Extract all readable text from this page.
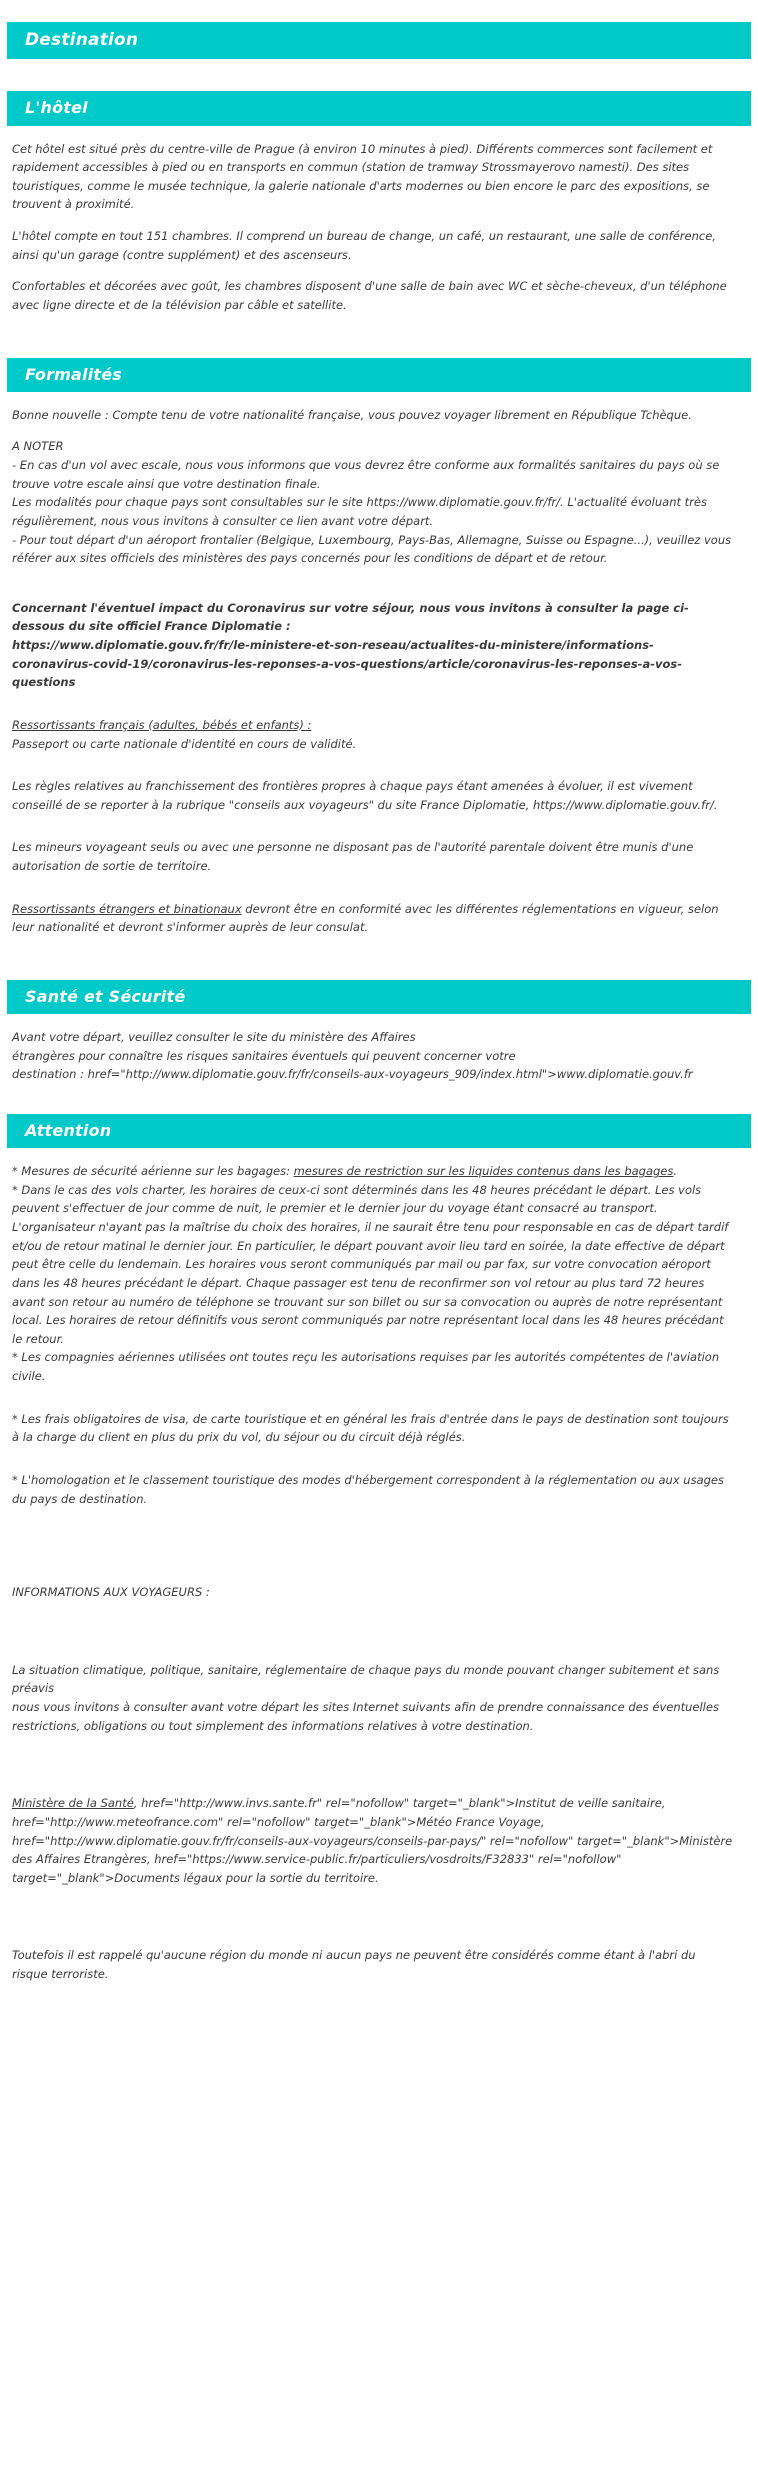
Destination
L'hôtel

Cet hôtel est situé près du centre-ville de Prague (à environ 10 minutes à pied). Différents commerces sont facilement et rapidement accessibles à pied ou en transports en commun (station de tramway Strossmayerovo namesti). Des sites touristiques, comme le musée technique, la galerie nationale d'arts modernes ou bien encore le parc des expositions, se trouvent à proximité.

L'hôtel compte en tout 151 chambres. Il comprend un bureau de change, un café, un restaurant, une salle de conférence, ainsi qu'un garage (contre supplément) et des ascenseurs.

Confortables et décorées avec goût, les chambres disposent d'une salle de bain avec WC et sèche-cheveux, d'un téléphone avec ligne directe et de la télévision par câble et satellite.

Formalités

Bonne nouvelle : Compte tenu de votre nationalité française, vous pouvez voyager librement en République Tchèque.

A NOTER

- En cas d'un vol avec escale, nous vous informons que vous devrez être conforme aux formalités sanitaires du pays où se trouve votre escale ainsi que votre destination finale.

Les modalités pour chaque pays sont consultables sur le site https://www.diplomatie.gouv.fr/fr/. L'actualité évoluant très régulièrement, nous vous invitons à consulter ce lien avant votre départ.

- Pour tout départ d'un aéroport frontalier (Belgique, Luxembourg, Pays-Bas, Allemagne, Suisse ou Espagne...), veuillez vous référer aux sites officiels des ministères des pays concernés pour les conditions de départ et de retour.

Concernant l'éventuel impact du Coronavirus sur votre séjour, nous vous invitons à consulter la page ci-dessous du site officiel France Diplomatie :

https://www.diplomatie.gouv.fr/fr/le-ministere-et-son-reseau/actualites-du-ministere/informations-coronavirus-covid-19/coronavirus-les-reponses-a-vos-questions/article/coronavirus-les-reponses-a-vos-questions

Ressortissants français (adultes, bébés et enfants) :

Passeport ou carte nationale d'identité en cours de validité.

Les règles relatives au franchissement des frontières propres à chaque pays étant amenées à évoluer, il est vivement conseillé de se reporter à la rubrique "conseils aux voyageurs" du site France Diplomatie, https://www.diplomatie.gouv.fr/.

Les mineurs voyageant seuls ou avec une personne ne disposant pas de l'autorité parentale doivent être munis d'une autorisation de sortie de territoire.

Ressortissants étrangers et binationaux devront être en conformité avec les différentes réglementations en vigueur, selon leur nationalité et devront s'informer auprès de leur consulat.

Santé et Sécurité

Avant votre départ, veuillez consulter le site du ministère des Affaires

étrangères pour connaître les risques sanitaires éventuels qui peuvent concerner votre

destination : href="http://www.diplomatie.gouv.fr/fr/conseils-aux-voyageurs_909/index.html">www.diplomatie.gouv.fr

Attention

* Mesures de sécurité aérienne sur les bagages: mesures de restriction sur les liquides contenus dans les bagages.

* Dans le cas des vols charter, les horaires de ceux-ci sont déterminés dans les 48 heures précédant le départ. Les vols peuvent s'effectuer de jour comme de nuit, le premier et le dernier jour du voyage étant consacré au transport. L'organisateur n'ayant pas la maîtrise du choix des horaires, il ne saurait être tenu pour responsable en cas de départ tardif et/ou de retour matinal le dernier jour. En particulier, le départ pouvant avoir lieu tard en soirée, la date effective de départ peut être celle du lendemain. Les horaires vous seront communiqués par mail ou par fax, sur votre convocation aéroport dans les 48 heures précédant le départ. Chaque passager est tenu de reconfirmer son vol retour au plus tard 72 heures avant son retour au numéro de téléphone se trouvant sur son billet ou sur sa convocation ou auprès de notre représentant local. Les horaires de retour définitifs vous seront communiqués par notre représentant local dans les 48 heures précédant le retour.

* Les compagnies aériennes utilisées ont toutes reçu les autorisations requises par les autorités compétentes de l'aviation civile.

* Les frais obligatoires de visa, de carte touristique et en général les frais d'entrée dans le pays de destination sont toujours à la charge du client en plus du prix du vol, du séjour ou du circuit déjà réglés.

* L'homologation et le classement touristique des modes d'hébergement correspondent à la réglementation ou aux usages du pays de destination.

INFORMATIONS AUX VOYAGEURS :

La situation climatique, politique, sanitaire, réglementaire de chaque pays du monde pouvant changer subitement et sans préavis

nous vous invitons à consulter avant votre départ les sites Internet suivants afin de prendre connaissance des éventuelles restrictions, obligations ou tout simplement des informations relatives à votre destination.

Ministère de la Santé, href="http://www.invs.sante.fr" rel="nofollow" target="_blank">Institut de veille sanitaire, href="http://www.meteofrance.com" rel="nofollow" target="_blank">Météo France Voyage, href="http://www.diplomatie.gouv.fr/fr/conseils-aux-voyageurs/conseils-par-pays/" rel="nofollow" target="_blank">Ministère des Affaires Etrangères, href="https://www.service-public.fr/particuliers/vosdroits/F32833" rel="nofollow" target="_blank">Documents légaux pour la sortie du territoire.

Toutefois il est rappelé qu'aucune région du monde ni aucun pays ne peuvent être considérés comme étant à l'abri du risque terroriste.
